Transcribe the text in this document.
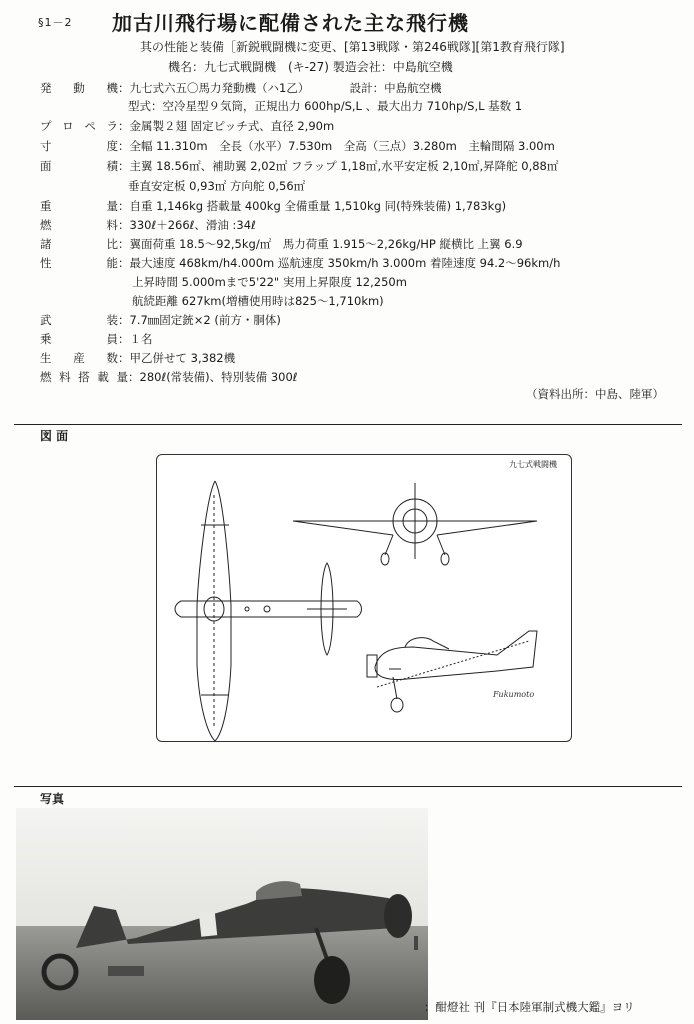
§1－2 加古川飛行場に配備された主な飛行機
其の性能と装備［新鋭戦闘機に変更、[第13戦隊・第246戦隊][第1教育飛行隊]
機名：九七式戦闘機　(キ-27) 製造会社：中島航空機
発動機 ：九七式六五〇馬力発動機（ハ1乙）　　　　設計：中島航空機
型式：空冷星型９気筒，正規出力 600hp/S,L 、最大出力 710hp/S,L 基数 1
プロペラ ：金属製２翅 固定ピッチ式、直径 2,90m
寸　度 ：全幅 11.310m　全長（水平）7.530m　全高（三点）3.280m　主輪間隔 3.00m
面　積 ：主翼 18.56㎡、補助翼 2,02㎡ フラップ 1,18㎡,水平安定板 2,10㎡,昇降舵 0,88㎡
垂直安定板 0,93㎡ 方向舵 0,56㎡
重　量 ：自重 1,146kg 搭載量 400kg 全備重量 1,510kg 同(特殊装備) 1,783kg)
燃　料 ：330ℓ＋266ℓ、滑油 :34ℓ
諸　比 ：翼面荷重 18.5～92,5kg/㎡　馬力荷重 1.915～2,26kg/HP 縦横比 上翼 6.9
性　能 ：最大速度 468km/h4.000m 巡航速度 350km/h 3.000m 着陸速度 94.2～96km/h
上昇時間 5.000mまで5'22" 実用上昇限度 12,250m
航続距離 627km(増槽使用時は825～1,710km)
武　装 ：7.7㎜固定銃×2 (前方・胴体)
乗　員 ：１名
生産数 ：甲乙併せて 3,382機
燃料搭載量 ：280ℓ(常装備)、特別装備 300ℓ
（資料出所：中島、陸軍）
図 面
九七式戦闘機
Fukumoto
写真
：酣燈社 刊『日本陸軍制式機大鑑』ヨリ
